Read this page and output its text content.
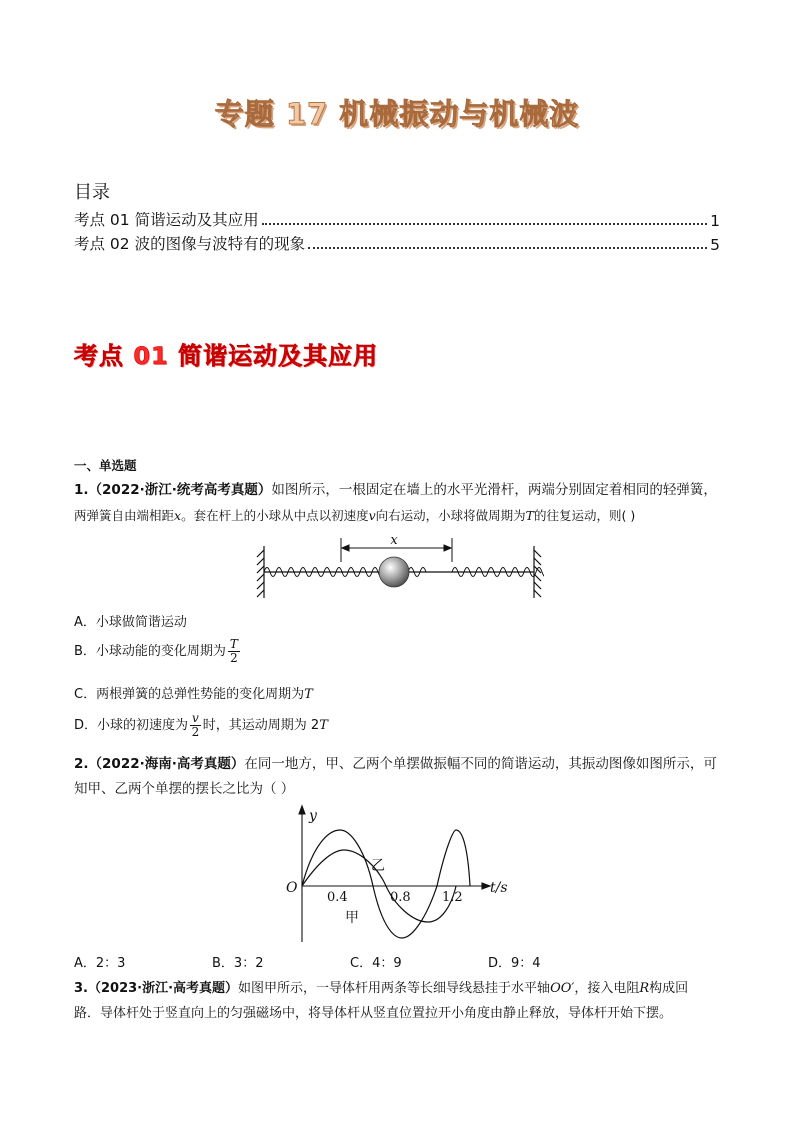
专题 17 机械振动与机械波
目录
考点 01 简谐运动及其应用	1
考点 02 波的图像与波特有的现象	5
考点 01 简谐运动及其应用
一、单选题
1.（2022·浙江·统考高考真题）如图所示，一根固定在墙上的水平光滑杆，两端分别固定着相同的轻弹簧，
两弹簧自由端相距x。套在杆上的小球从中点以初速度v向右运动，小球将做周期为T的往复运动，则( )
x
A．小球做简谐运动
B．小球动能的变化周期为 $\frac{T}{2}$
C．两根弹簧的总弹性势能的变化周期为T
D．小球的初速度为 $\frac{v}{2}$ 时，其运动周期为 2T
2.（2022·海南·高考真题）在同一地方，甲、乙两个单摆做振幅不同的简谐运动，其振动图像如图所示，可
知甲、乙两个单摆的摆长之比为（ ）
y
t/s
O
0.4	0.8 1.2
乙
甲
A．2：3	B．3：2	C．4：9	D．9：4
3.（2023·浙江·高考真题）如图甲所示，一导体杆用两条等长细导线悬挂于水平轴OO′，接入电阻R构成回
路．导体杆处于竖直向上的匀强磁场中，将导体杆从竖直位置拉开小角度由静止释放，导体杆开始下摆。
